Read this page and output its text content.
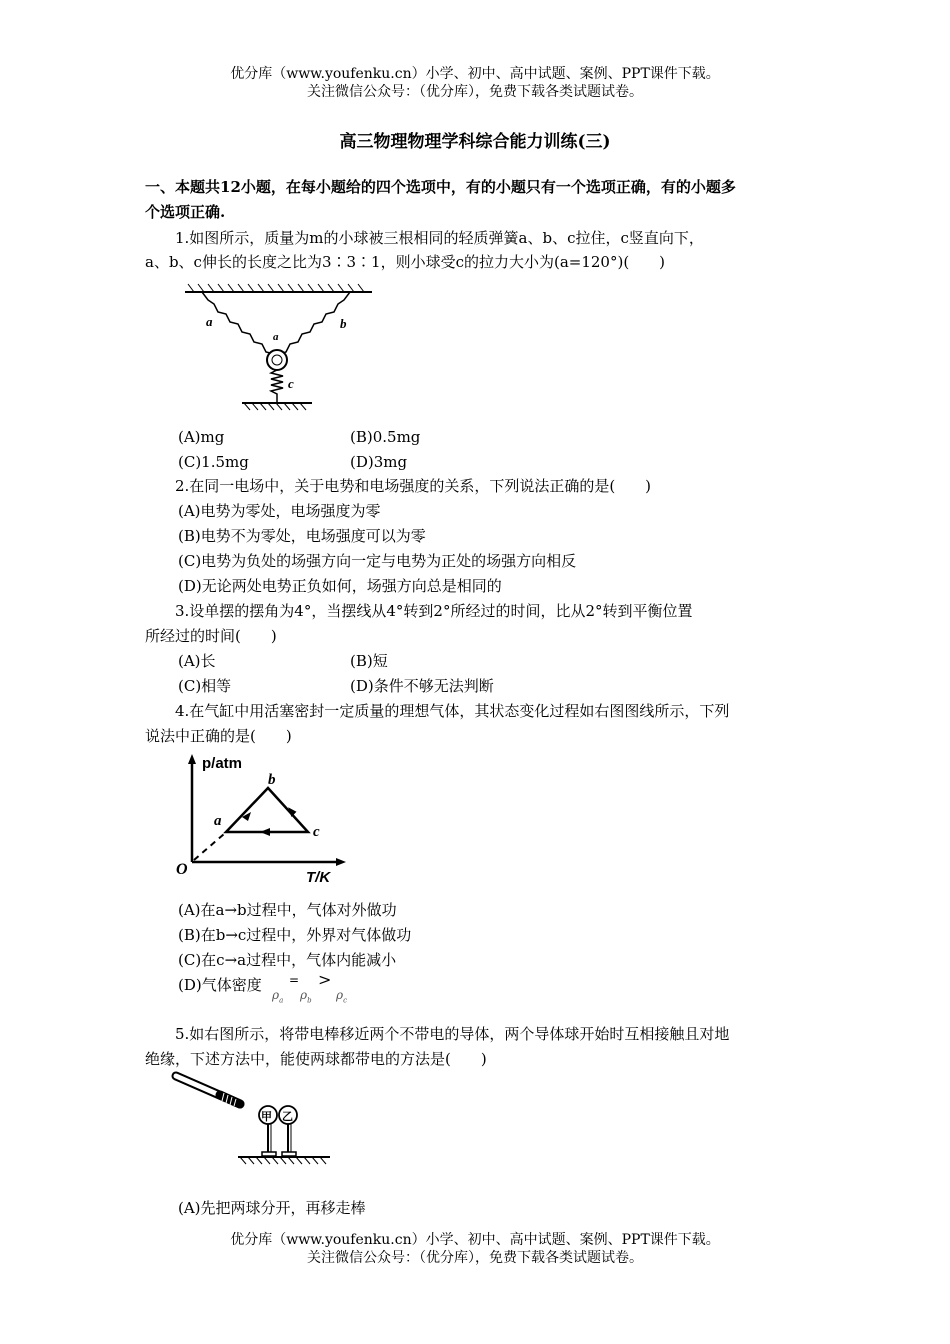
优分库（www.youfenku.cn）小学、初中、高中试题、案例、PPT课件下载。
关注微信公众号：（优分库），免费下载各类试题试卷。
高三物理物理学科综合能力训练(三)
一、本题共12小题，在每小题给的四个选项中，有的小题只有一个选项正确，有的小题多
个选项正确.
1.如图所示，质量为m的小球被三根相同的轻质弹簧a、b、c拉住，c竖直向下，
a、b、c伸长的长度之比为3∶3∶1，则小球受c的拉力大小为(a=120°)(　　)
a	b
a
c
(A)mg	(B)0.5mg
(C)1.5mg	(D)3mg
2.在同一电场中，关于电势和电场强度的关系，下列说法正确的是(　　)
(A)电势为零处，电场强度为零
(B)电势不为零处，电场强度可以为零
(C)电势为负处的场强方向一定与电势为正处的场强方向相反
(D)无论两处电势正负如何，场强方向总是相同的
3.设单摆的摆角为4°，当摆线从4°转到2°所经过的时间，比从2°转到平衡位置
所经过的时间(　　)
(A)长	(B)短
(C)相等	(D)条件不够无法判断
4.在气缸中用活塞密封一定质量的理想气体，其状态变化过程如右图图线所示，下列
说法中正确的是(　　)
p/atm
T/K
O
a
b
c
(A)在a→b过程中，气体对外做功
(B)在b→c过程中，外界对气体做功
(C)在c→a过程中，气体内能减小
(D)气体密度
$\rho_a$
=
$\rho_b$
>
$\rho_c$
5.如右图所示，将带电棒移近两个不带电的导体，两个导体球开始时互相接触且对地
绝缘，下述方法中，能使两球都带电的方法是(　　)
甲 乙
(A)先把两球分开，再移走棒
优分库（www.youfenku.cn）小学、初中、高中试题、案例、PPT课件下载。
关注微信公众号：（优分库），免费下载各类试题试卷。
